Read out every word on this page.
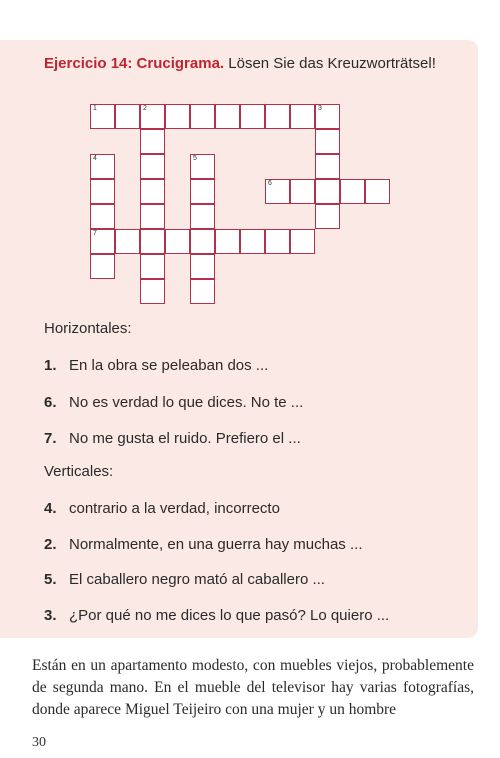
Ejercicio 14: Crucigrama. Lösen Sie das Kreuzworträtsel!
1	2	3
4
7
5
6
Horizontales:
1. En la obra se peleaban dos ...
6. No es verdad lo que dices. No te ...
7. No me gusta el ruido. Prefiero el ...
Verticales:
4. contrario a la verdad, incorrecto
2. Normalmente, en una guerra hay muchas ...
5. El caballero negro mató al caballero ...
3. ¿Por qué no me dices lo que pasó? Lo quiero ...

Están en un apartamento modesto, con muebles viejos, probablemente de segunda mano. En el mueble del televisor hay varias fotografías, donde aparece Miguel Teijeiro con una mujer y un hombre

30
